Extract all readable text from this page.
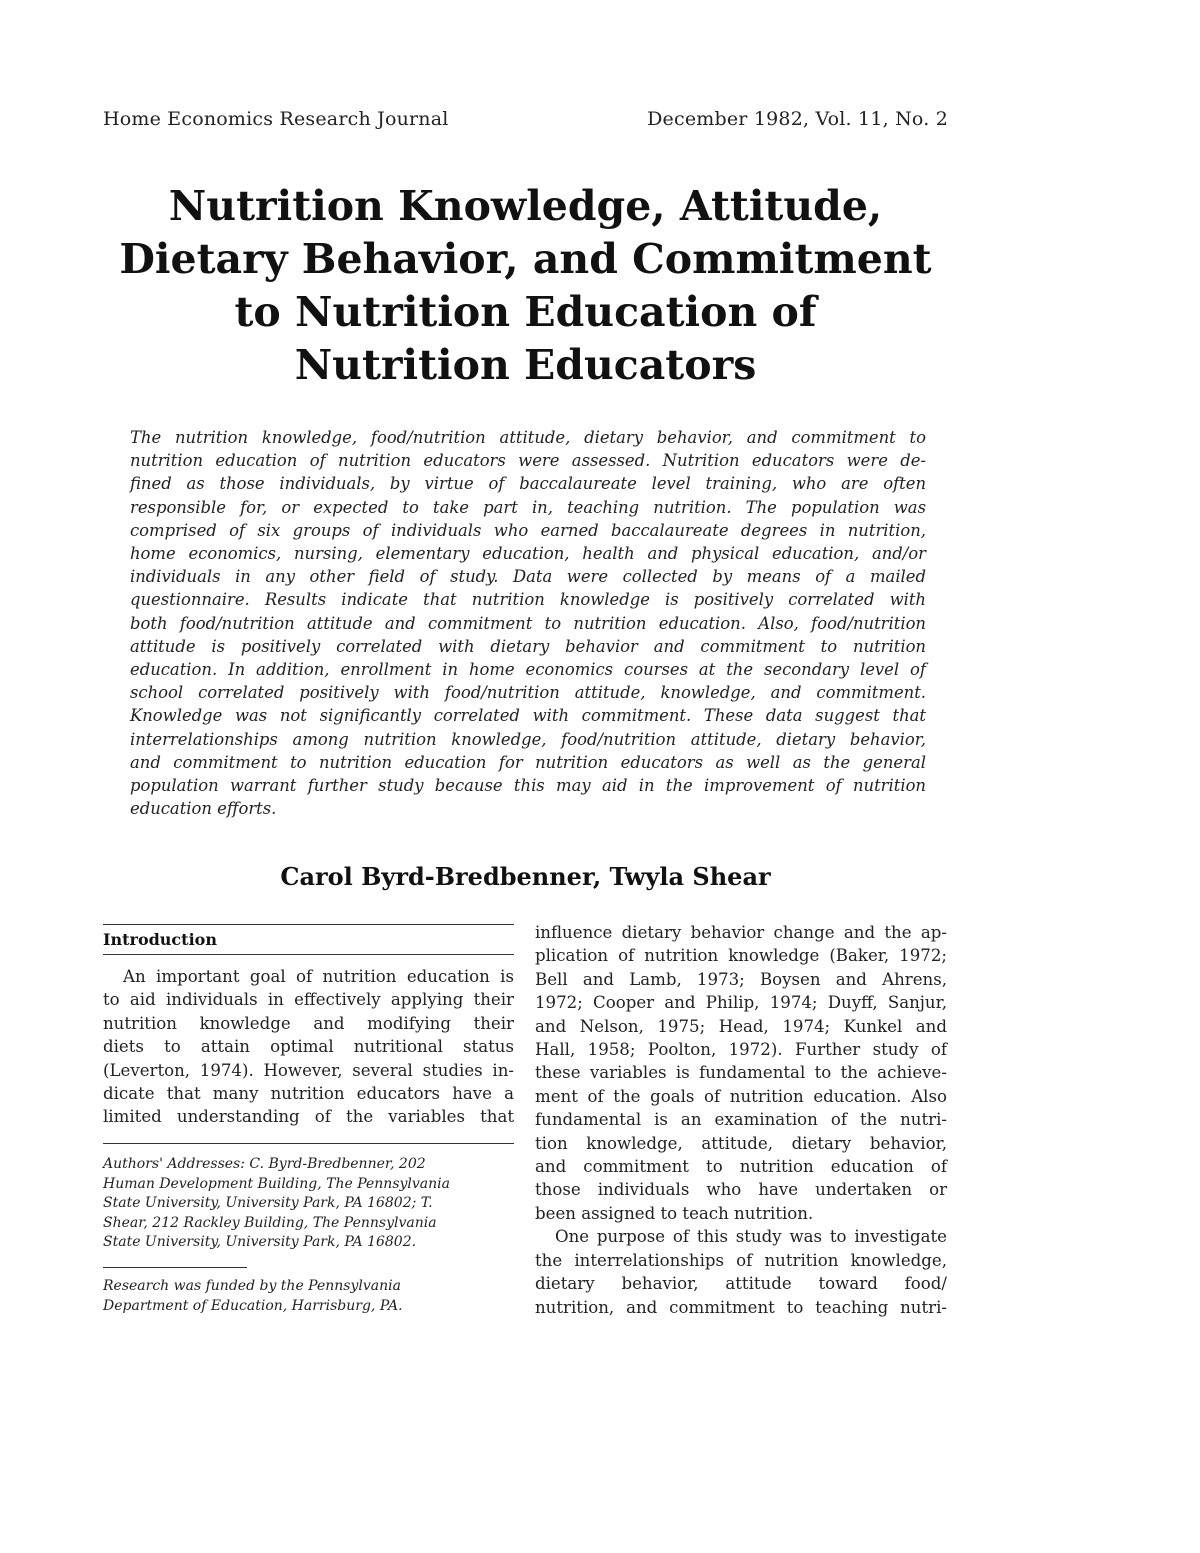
Home Economics Research Journal	December 1982, Vol. 11, No. 2
Nutrition Knowledge, Attitude,
Dietary Behavior, and Commitment
to Nutrition Education of
Nutrition Educators
The nutrition knowledge, food/nutrition attitude, dietary behavior, and commitment to
nutrition education of nutrition educators were assessed. Nutrition educators were de-
fined as those individuals, by virtue of baccalaureate level training, who are often
responsible for, or expected to take part in, teaching nutrition. The population was
comprised of six groups of individuals who earned baccalaureate degrees in nutrition,
home economics, nursing, elementary education, health and physical education, and/or
individuals in any other field of study. Data were collected by means of a mailed
questionnaire. Results indicate that nutrition knowledge is positively correlated with
both food/nutrition attitude and commitment to nutrition education. Also, food/nutrition
attitude is positively correlated with dietary behavior and commitment to nutrition
education. In addition, enrollment in home economics courses at the secondary level of
school correlated positively with food/nutrition attitude, knowledge, and commitment.
Knowledge was not significantly correlated with commitment. These data suggest that
interrelationships among nutrition knowledge, food/nutrition attitude, dietary behavior,
and commitment to nutrition education for nutrition educators as well as the general
population warrant further study because this may aid in the improvement of nutrition
education efforts.
Carol Byrd-Bredbenner, Twyla Shear
Introduction
An important goal of nutrition education is
to aid individuals in effectively applying their
nutrition knowledge and modifying their
diets to attain optimal nutritional status
(Leverton, 1974). However, several studies in-
dicate that many nutrition educators have a
limited understanding of the variables that
Authors' Addresses: C. Byrd-Bredbenner, 202
Human Development Building, The Pennsylvania
State University, University Park, PA 16802; T.
Shear, 212 Rackley Building, The Pennsylvania
State University, University Park, PA 16802.
Research was funded by the Pennsylvania
Department of Education, Harrisburg, PA.
influence dietary behavior change and the ap-
plication of nutrition knowledge (Baker, 1972;
Bell and Lamb, 1973; Boysen and Ahrens,
1972; Cooper and Philip, 1974; Duyff, Sanjur,
and Nelson, 1975; Head, 1974; Kunkel and
Hall, 1958; Poolton, 1972). Further study of
these variables is fundamental to the achieve-
ment of the goals of nutrition education. Also
fundamental is an examination of the nutri-
tion knowledge, attitude, dietary behavior,
and commitment to nutrition education of
those individuals who have undertaken or
been assigned to teach nutrition.
One purpose of this study was to investigate
the interrelationships of nutrition knowledge,
dietary behavior, attitude toward food/
nutrition, and commitment to teaching nutri-
